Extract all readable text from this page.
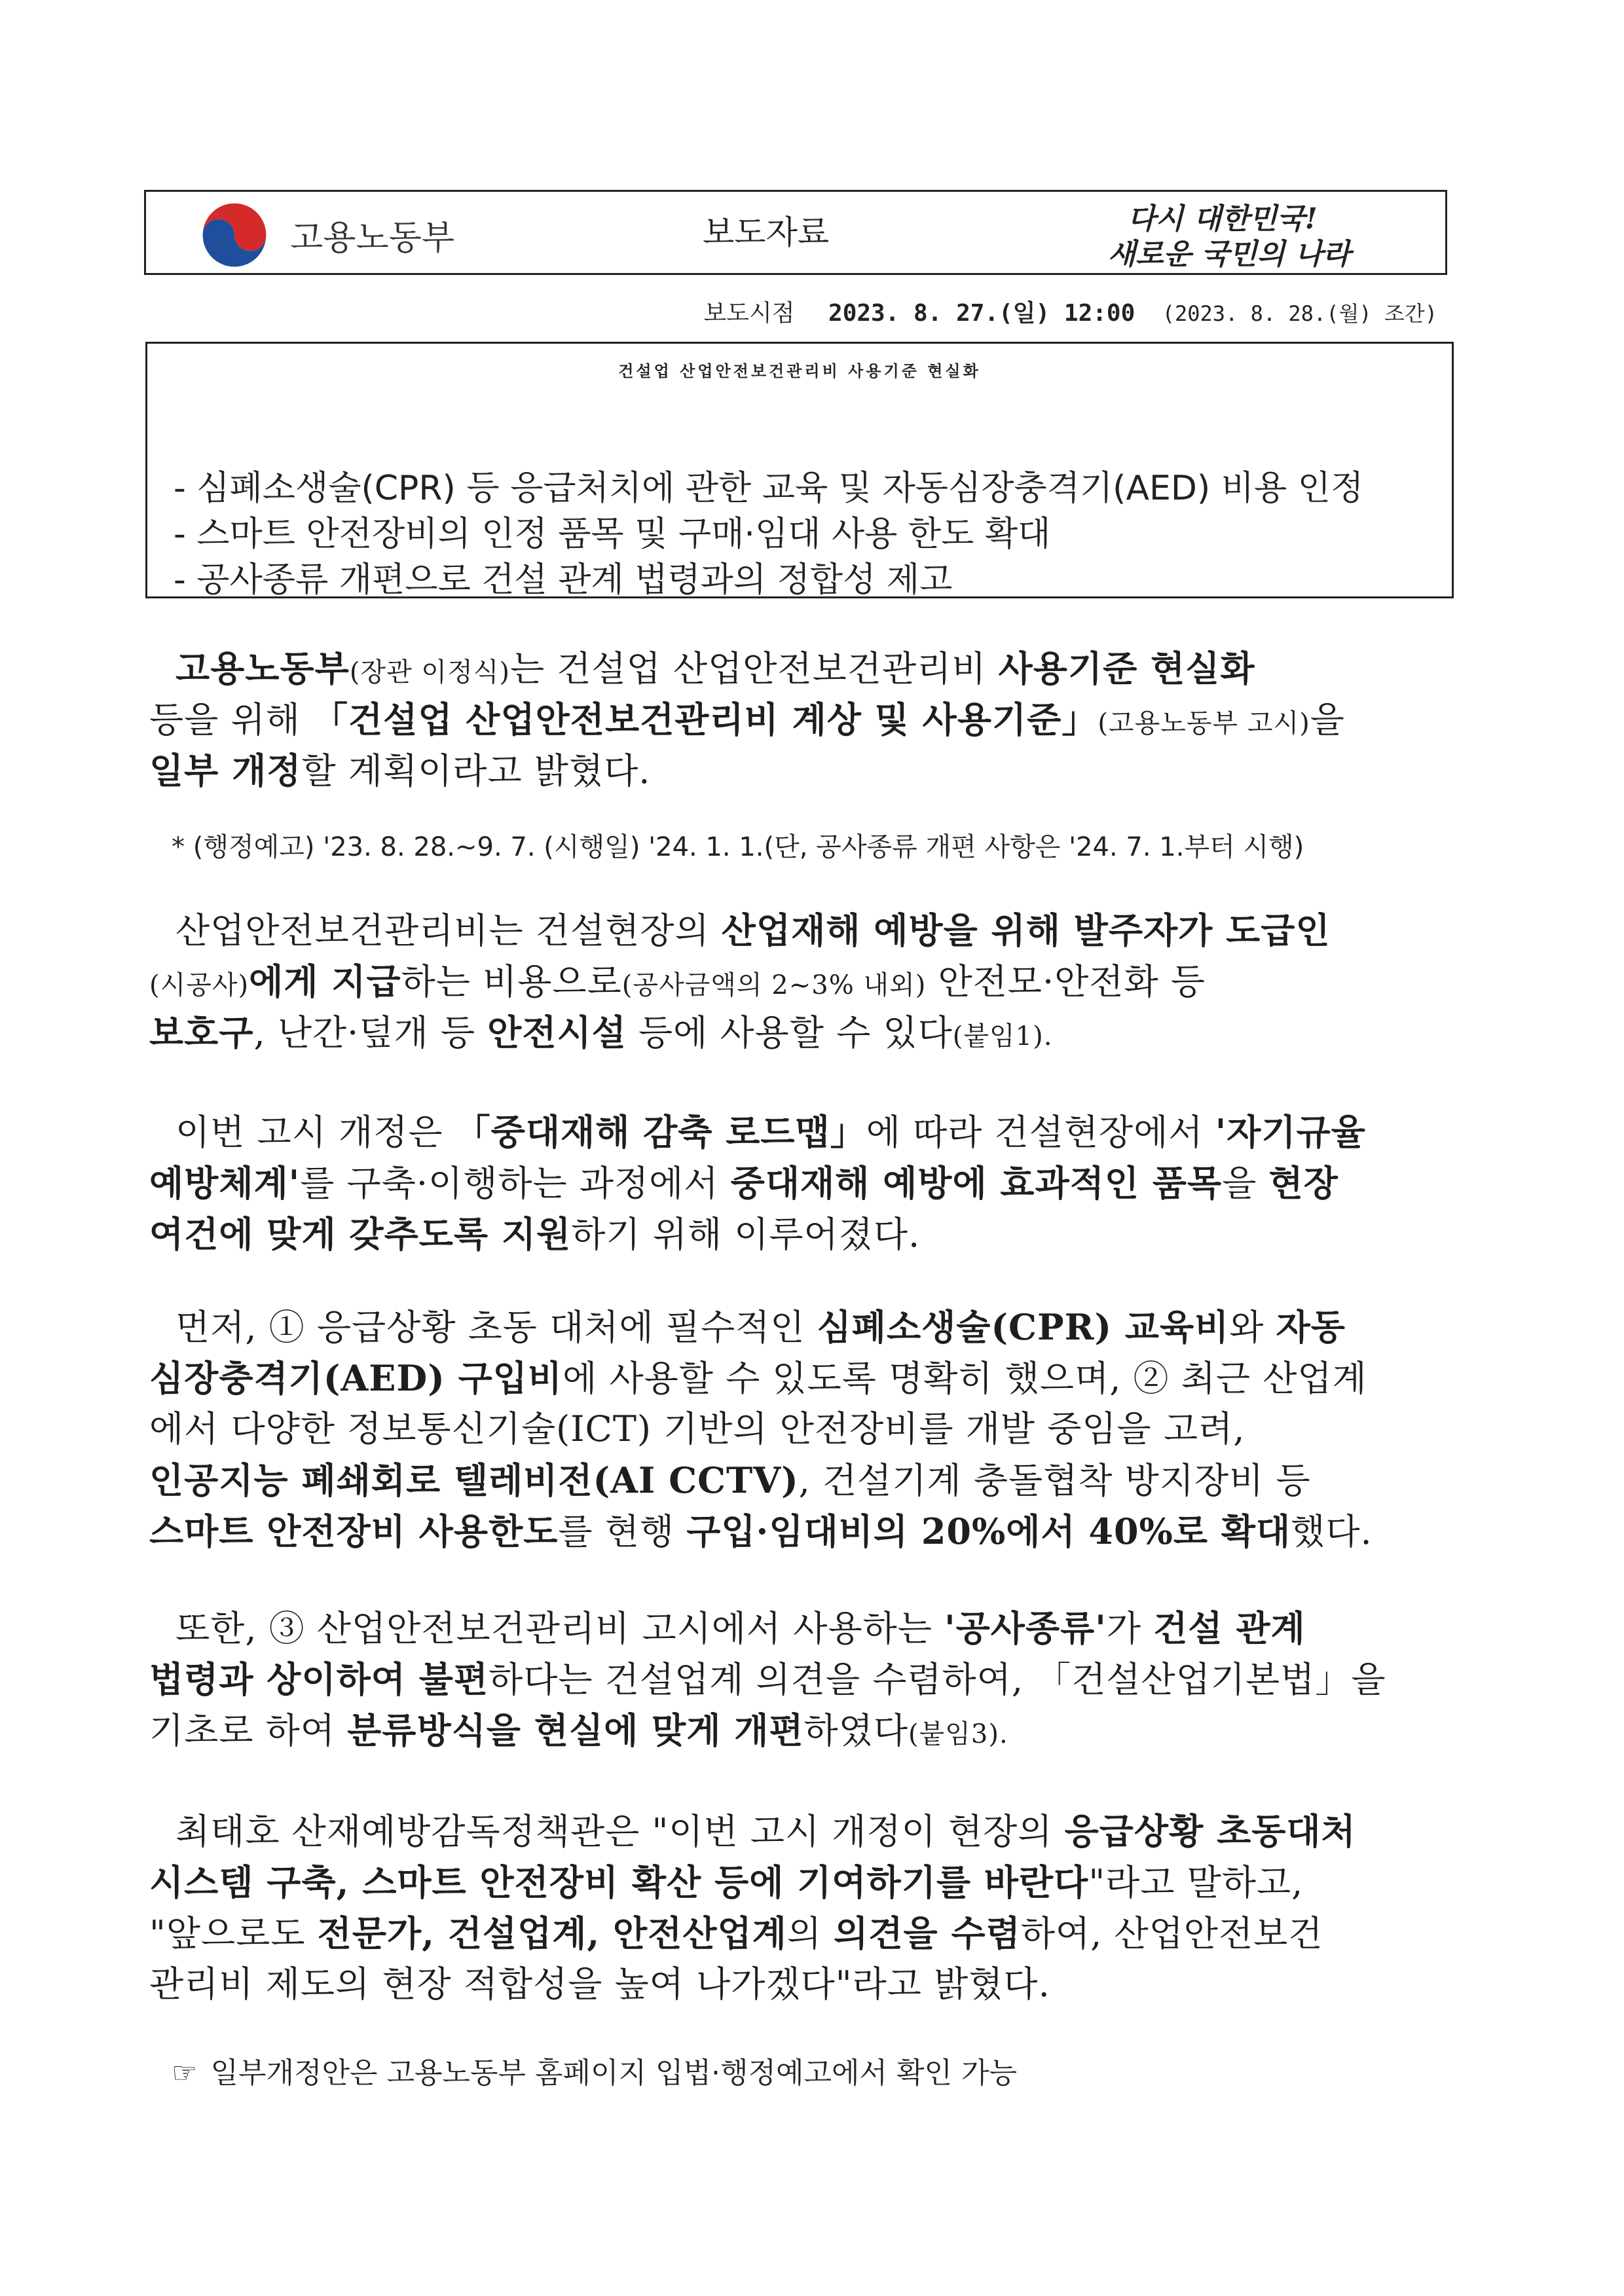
고용노동부	보도자료	다시 대한민국!
새로운 국민의 나라
보도시점 2023. 8. 27.(일) 12:00 (2023. 8. 28.(월) 조간)
건설업 산업안전보건관리비 사용기준 현실화
- 심폐소생술(CPR) 등 응급처치에 관한 교육 및 자동심장충격기(AED) 비용 인정
- 스마트 안전장비의 인정 품목 및 구매·임대 사용 한도 확대
- 공사종류 개편으로 건설 관계 법령과의 정합성 제고
고용노동부(장관 이정식)는 건설업 산업안전보건관리비 사용기준 현실화
등을 위해 「건설업 산업안전보건관리비 계상 및 사용기준」(고용노동부 고시)을
일부 개정할 계획이라고 밝혔다.
* (행정예고) '23. 8. 28.~9. 7. (시행일) '24. 1. 1.(단, 공사종류 개편 사항은 '24. 7. 1.부터 시행)
산업안전보건관리비는 건설현장의 산업재해 예방을 위해 발주자가 도급인
(시공사)에게 지급하는 비용으로(공사금액의 2~3% 내외) 안전모·안전화 등
보호구, 난간·덮개 등 안전시설 등에 사용할 수 있다(붙임1).
이번 고시 개정은 「중대재해 감축 로드맵」에 따라 건설현장에서 '자기규율
예방체계'를 구축·이행하는 과정에서 중대재해 예방에 효과적인 품목을 현장
여건에 맞게 갖추도록 지원하기 위해 이루어졌다.
먼저, ① 응급상황 초동 대처에 필수적인 심폐소생술(CPR) 교육비와 자동
심장충격기(AED) 구입비에 사용할 수 있도록 명확히 했으며, ② 최근 산업계
에서 다양한 정보통신기술(ICT) 기반의 안전장비를 개발 중임을 고려,
인공지능 폐쇄회로 텔레비전(AI CCTV), 건설기계 충돌협착 방지장비 등
스마트 안전장비 사용한도를 현행 구입·임대비의 20%에서 40%로 확대했다.
또한, ③ 산업안전보건관리비 고시에서 사용하는 '공사종류'가 건설 관계
법령과 상이하여 불편하다는 건설업계 의견을 수렴하여, 「건설산업기본법」을
기초로 하여 분류방식을 현실에 맞게 개편하였다(붙임3).
최태호 산재예방감독정책관은 "이번 고시 개정이 현장의 응급상황 초동대처
시스템 구축, 스마트 안전장비 확산 등에 기여하기를 바란다"라고 말하고,
"앞으로도 전문가, 건설업계, 안전산업계의 의견을 수렴하여, 산업안전보건
관리비 제도의 현장 적합성을 높여 나가겠다"라고 밝혔다.
☞ 일부개정안은 고용노동부 홈페이지 입법·행정예고에서 확인 가능
